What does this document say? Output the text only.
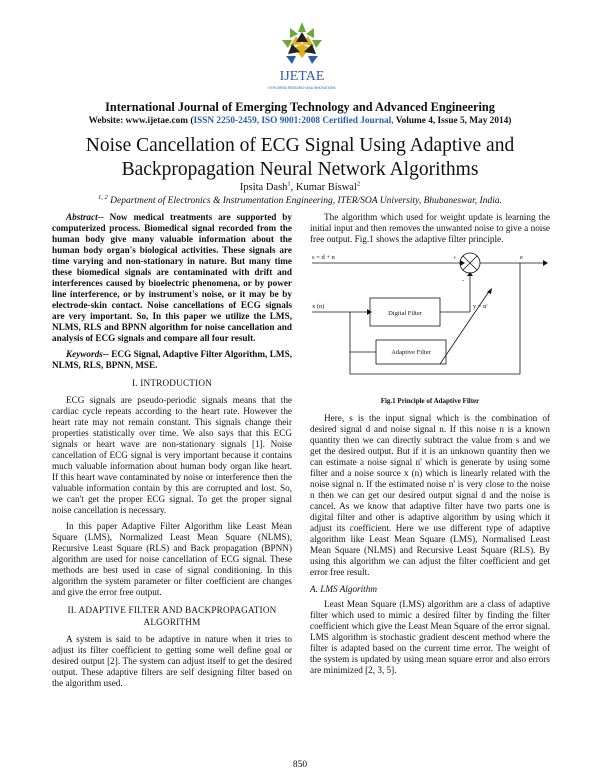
IJETAE
EXPLORING RESEARCH AND INNOVATIONS
International Journal of Emerging Technology and Advanced Engineering
Website: www.ijetae.com (ISSN 2250-2459, ISO 9001:2008 Certified Journal, Volume 4, Issue 5, May 2014)
Noise Cancellation of ECG Signal Using Adaptive and Backpropagation Neural Network Algorithms
Ipsita Dash$^1$, Kumar Biswal$^2$
$^{1, 2}$ Department of Electronics & Instrumentation Engineering, ITER/SOA University, Bhubaneswar, India.

Abstract-- Now medical treatments are supported by computerized process. Biomedical signal recorded from the human body give many valuable information about the human body organ's biological activities. These signals are time varying and non-stationary in nature. But many time these biomedical signals are contaminated with drift and interferences caused by bioelectric phenomena, or by power line interference, or by instrument's noise, or it may be by electrode-skin contact. Noise cancellations of ECG signals are very important. So, In this paper we utilize the LMS, NLMS, RLS and BPNN algorithm for noise cancellation and analysis of ECG signals and compare all four result.

Keywords-- ECG Signal, Adaptive Filter Algorithm, LMS, NLMS, RLS, BPNN, MSE.

I. INTRODUCTION

ECG signals are pseudo-periodic signals means that the cardiac cycle repeats according to the heart rate. However the heart rate may not remain constant. This signals change their properties statistically over time. We also says that this ECG signals or heart wave are non-stationary signals [1]. Noise cancellation of ECG signal is very important because it contains much valuable information about human body organ like heart. If this heart wave contaminated by noise or interference then the valuable information contain by this are corrupted and lost. So, we can't get the proper ECG signal. To get the proper signal noise cancellation is necessary.

In this paper Adaptive Filter Algorithm like Least Mean Square (LMS), Normalized Least Mean Square (NLMS), Recursive Least Square (RLS) and Back propagation (BPNN) algorithm are used for noise cancellation of ECG signal. These methods are best used in case of signal conditioning. In this algorithm the system parameter or filter coefficient are changes and give the error free output.

II. ADAPTIVE FILTER AND BACKPROPAGATION
ALGORITHM

A system is said to be adaptive in nature when it tries to adjust its filter coefficient to getting some well define goal or desired output [2]. The system can adjust itself to get the desired output. These adaptive filters are self designing filter based on the algorithm used.

The algorithm which used for weight update is learning the initial input and then removes the unwanted noise to give a noise free output. Fig.1 shows the adaptive filter principle.

s = d + n	e
x (n)	y = n'
Digital Filter
Adaptive Filter
+
-
Fig.1 Principle of Adaptive Filter

Here, s is the input signal which is the combination of desired signal d and noise signal n. If this noise n is a known quantity then we can directly subtract the value from s and we get the desired output. But if it is an unknown quantity then we can estimate a noise signal n' which is generate by using some filter and a noise source x (n) which is linearly related with the noise signal n. If the estimated noise n' is very close to the noise n then we can get our desired output signal d and the noise is cancel. As we know that adaptive filter have two parts one is digital filter and other is adaptive algorithm by using which it adjust its coefficient. Here we use different type of adaptive algorithm like Least Mean Square (LMS), Normalised Least Mean Square (NLMS) and Recursive Least Square (RLS). By using this algorithm we can adjust the filter coefficient and get error free result.

A. LMS Algorithm

Least Mean Square (LMS) algorithm are a class of adaptive filter which used to mimic a desired filter by finding the filter coefficient which give the Least Mean Square of the error signal. LMS algorithm is stochastic gradient descent method where the filter is adapted based on the current time error. The weight of the system is updated by using mean square error and also errors are minimized [2, 3, 5].

850
